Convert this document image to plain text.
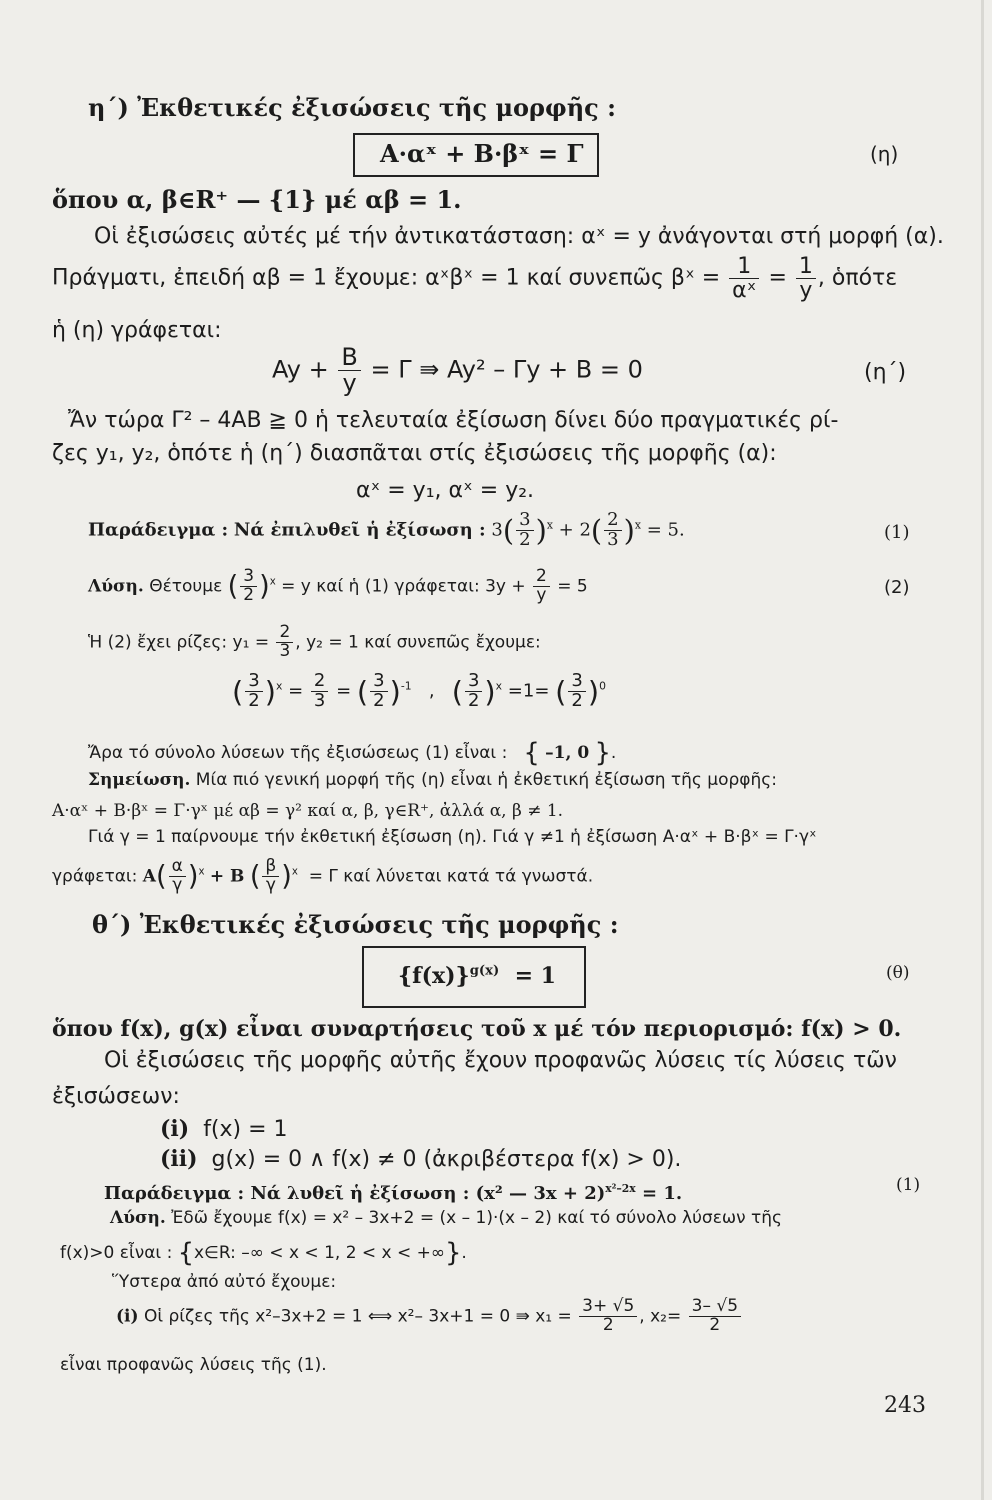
η΄) Ἐκθετικές ἐξισώσεις τῆς μορφῆς :
A·αˣ + B·βˣ = Γ	(η)
ὅπου α, β∈R⁺ — {1} μέ αβ = 1.
Οἱ ἐξισώσεις αὐτές μέ τήν ἀντικατάσταση: αˣ = y ἀνάγονται στή μορφή (α).
Πράγματι, ἐπειδή αβ = 1 ἔχουμε: αˣβˣ = 1 καί συνεπῶς βˣ = $\frac{1}{\text{αˣ}} = \frac{1}{y}$ , ὁπότε
ἡ (η) γράφεται:
$Ay + \frac{B}{y} = \Gamma$ ⇛ Ay² – Γy + B = 0	(η΄)
Ἄν τώρα Γ² – 4AB ≧ 0 ἡ τελευταία ἐξίσωση δίνει δύο πραγματικές ρί-
ζες y₁, y₂, ὁπότε ἡ (η΄) διασπᾶται στίς ἐξισώσεις τῆς μορφῆς (α):
αˣ = y₁, αˣ = y₂.
Παράδειγμα : Νά ἐπιλυθεῖ ἡ ἐξίσωση : $3( \frac{3}{2} )^x + 2( \frac{2}{3} )^x = 5$.	(1)
Λύση. Θέτουμε ( $\frac{3}{2} )^x = y$ καί ἡ (1) γράφεται: $3y + \frac{2}{y} = 5$	(2)
Ἡ (2) ἔχει ρίζες: $y_1 = \frac{2}{3}$ , y₂ = 1 καί συνεπῶς ἔχουμε:
( $\frac{3}{2} )^x = \frac{2}{3}$ = ( $\frac{3}{2} )^{-1}$ , ( $\frac{3}{2} )^x =1=$ ( $\frac{3}{2} )^0$
Ἄρα τό σύνολο λύσεων τῆς ἐξισώσεως (1) εἶναι : { –1, 0 }.
Σημείωση. Μία πιό γενική μορφή τῆς (η) εἶναι ἡ ἐκθετική ἐξίσωση τῆς μορφῆς:
A·αˣ + B·βˣ = Γ·γˣ μέ αβ = γ² καί α, β, γ∈R⁺, ἀλλά α, β ≠ 1.
Γιά γ = 1 παίρνουμε τήν ἐκθετική ἐξίσωση (η). Γιά γ ≠1 ἡ ἐξίσωση A·αˣ + B·βˣ = Γ·γˣ
γράφεται: $A( \frac{\alpha}{\gamma} )^x + B$ ( $\frac{\beta}{\gamma} )^x = \Gamma$ καί λύνεται κατά τά γνωστά.
θ΄) Ἐκθετικές ἐξισώσεις τῆς μορφῆς :
$\{f(x)\}^{g(x)} = 1$	(θ)
ὅπου f(x), g(x) εἶναι συναρτήσεις τοῦ x μέ τόν περιορισμό: f(x) > 0.
Οἱ ἐξισώσεις τῆς μορφῆς αὐτῆς ἔχουν προφανῶς λύσεις τίς λύσεις τῶν
ἐξισώσεων:
(i) f(x) = 1
(ii) g(x) = 0 ∧ f(x) ≠ 0 (ἀκριβέστερα f(x) > 0).
Παράδειγμα : Νά λυθεῖ ἡ ἐξίσωση : (x² — 3x + 2)$^{x^2-2x}$ = 1.	(1)
Λύση. Ἐδῶ ἔχουμε f(x) = x² – 3x+2 = (x – 1)·(x – 2) καί τό σύνολο λύσεων τῆς
f(x)>0 εἶναι : {x∈R: –∞ < x < 1, 2 < x < +∞}.
Ὕστερα ἀπό αὐτό ἔχουμε:
(i) Οἱ ρίζες τῆς x²–3x+2 = 1 ⟺ x²– 3x+1 = 0 ⇛ $x_1 = \frac{3+ √5}{2}$ , $x_2= \frac{3- √5}{2}$
εἶναι προφανῶς λύσεις τῆς (1).
243
